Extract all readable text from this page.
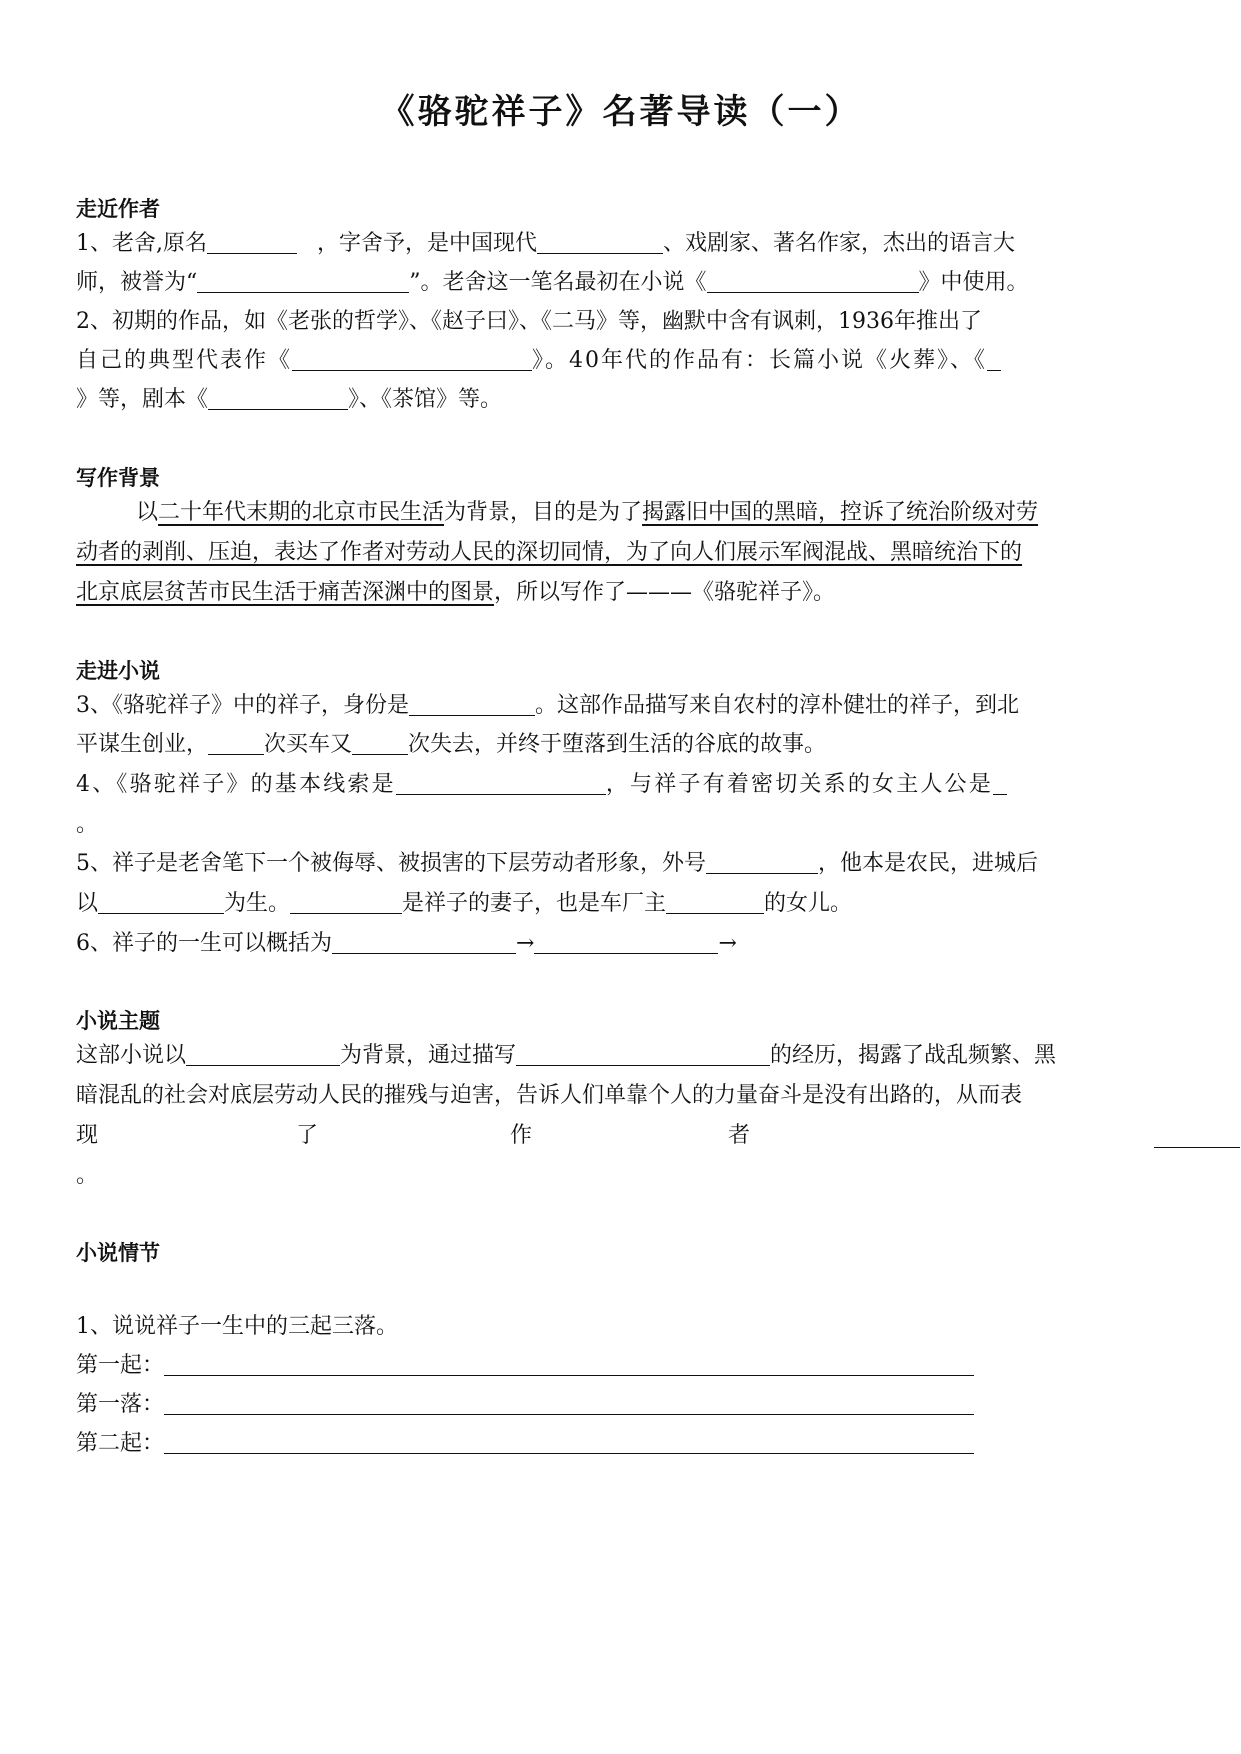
《骆驼祥子》名著导读（一）
走近作者
1、老舍,原名	，字舍予，是中国现代	、戏剧家、著名作家，杰出的语言大
师，被誉为“	”。老舍这一笔名最初在小说《	》中使用。
2、初期的作品，如《老张的哲学》、《赵子曰》、《二马》等，幽默中含有讽刺，1936年推出了
自己的典型代表作《	》。40年代的作品有：长篇小说《火葬》、《
》等，剧本《	》、《茶馆》等。
写作背景
以二十年代末期的北京市民生活为背景，目的是为了揭露旧中国的黑暗，控诉了统治阶级对劳
动者的剥削、压迫，表达了作者对劳动人民的深切同情，为了向人们展示军阀混战、黑暗统治下的
北京底层贫苦市民生活于痛苦深渊中的图景，所以写作了———《骆驼祥子》。
走进小说
3、《骆驼祥子》中的祥子，身份是	。这部作品描写来自农村的淳朴健壮的祥子，到北
平谋生创业，	次买车又	次失去，并终于堕落到生活的谷底的故事。
4、《骆驼祥子》的基本线索是	，与祥子有着密切关系的女主人公是
。
5、祥子是老舍笔下一个被侮辱、被损害的下层劳动者形象，外号	，他本是农民，进城后
以	为生。	是祥子的妻子，也是车厂主	的女儿。
6、祥子的一生可以概括为	→	→
小说主题
这部小说以	为背景，通过描写	的经历，揭露了战乱频繁、黑
暗混乱的社会对底层劳动人民的摧残与迫害，告诉人们单靠个人的力量奋斗是没有出路的，从而表
现	了	作	者
。
小说情节
1、说说祥子一生中的三起三落。
第一起：
第一落：
第二起：
